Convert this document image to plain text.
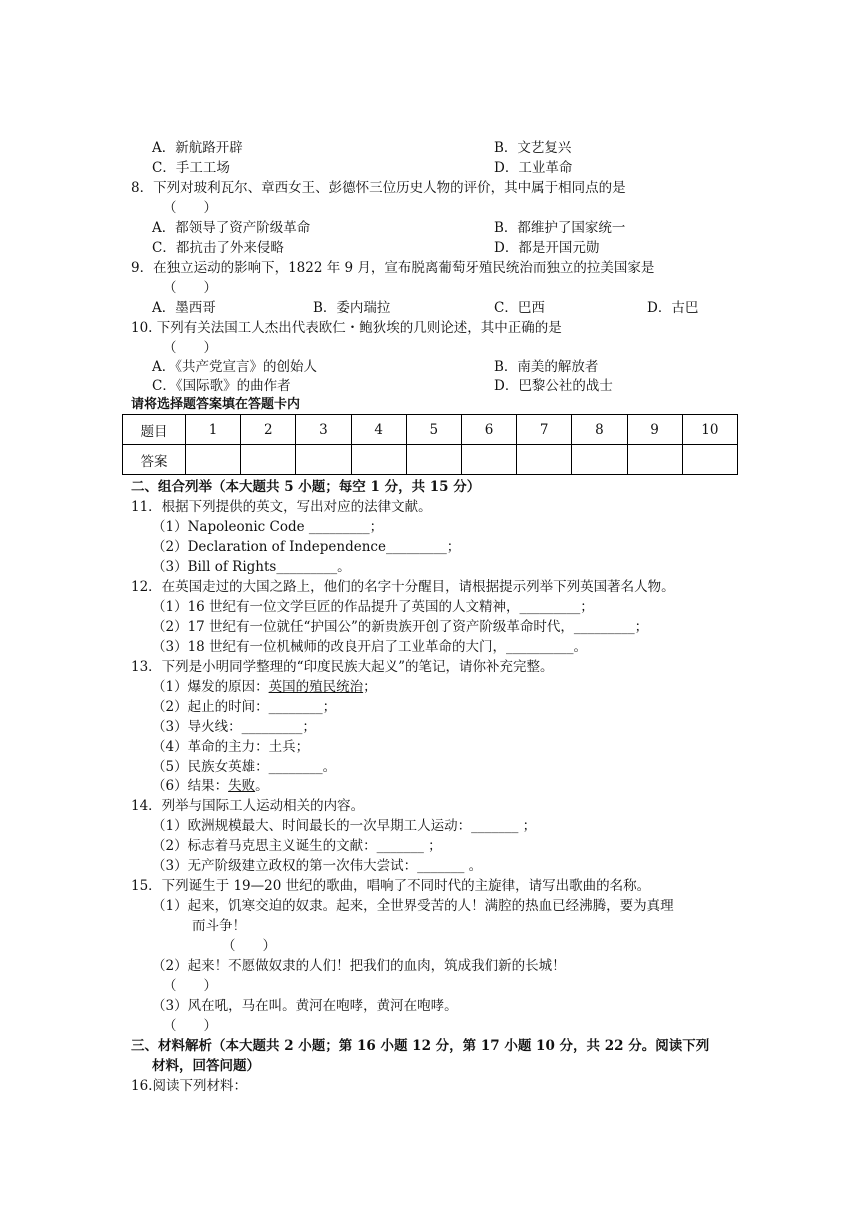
A．新航路开辟	B．文艺复兴
C．手工工场	D．工业革命
8．下列对玻利瓦尔、章西女王、彭德怀三位历史人物的评价，其中属于相同点的是
（　　）
A．都领导了资产阶级革命	B．都维护了国家统一
C．都抗击了外来侵略	D．都是开国元勋
9．在独立运动的影响下，1822 年 9 月，宣布脱离葡萄牙殖民统治而独立的拉美国家是
（　　）
A．墨西哥	B．委内瑞拉	C．巴西	D．古巴
10. 下列有关法国工人杰出代表欧仁・鲍狄埃的几则论述，其中正确的是
（　　）
A．《共产党宣言》的创始人	B．南美的解放者
C．《国际歌》的曲作者	D．巴黎公社的战士
请将选择题答案填在答题卡内
题目	1	2	3	4	5	6	7	8	9	10
答案										
二、组合列举（本大题共 5 小题；每空 1 分，共 15 分）
11．根据下列提供的英文，写出对应的法律文献。
（1）Napoleonic Code _________；
（2）Declaration of Independence_________；
（3）Bill of Rights_________。
12．在英国走过的大国之路上，他们的名字十分醒目，请根据提示列举下列英国著名人物。
（1）16 世纪有一位文学巨匠的作品提升了英国的人文精神，_________；
（2）17 世纪有一位就任“护国公”的新贵族开创了资产阶级革命时代，_________；
（3）18 世纪有一位机械师的改良开启了工业革命的大门，__________。
13．下列是小明同学整理的“印度民族大起义”的笔记，请你补充完整。
（1）爆发的原因：英国的殖民统治；
（2）起止的时间：________；
（3）导火线：_________；
（4）革命的主力：土兵；
（5）民族女英雄：________。
（6）结果：失败。
14．列举与国际工人运动相关的内容。
（1）欧洲规模最大、时间最长的一次早期工人运动：_______ ；
（2）标志着马克思主义诞生的文献：_______ ；
（3）无产阶级建立政权的第一次伟大尝试：_______ 。
15．下列诞生于 19—20 世纪的歌曲，唱响了不同时代的主旋律，请写出歌曲的名称。
（1）起来，饥寒交迫的奴隶。起来，全世界受苦的人！满腔的热血已经沸腾，要为真理
而斗争！
（　　）
（2）起来！不愿做奴隶的人们！把我们的血肉，筑成我们新的长城！
（　　）
（3）风在吼，马在叫。黄河在咆哮，黄河在咆哮。
（　　）
三、材料解析（本大题共 2 小题；第 16 小题 12 分，第 17 小题 10 分，共 22 分。阅读下列
材料，回答问题）
16.阅读下列材料：
